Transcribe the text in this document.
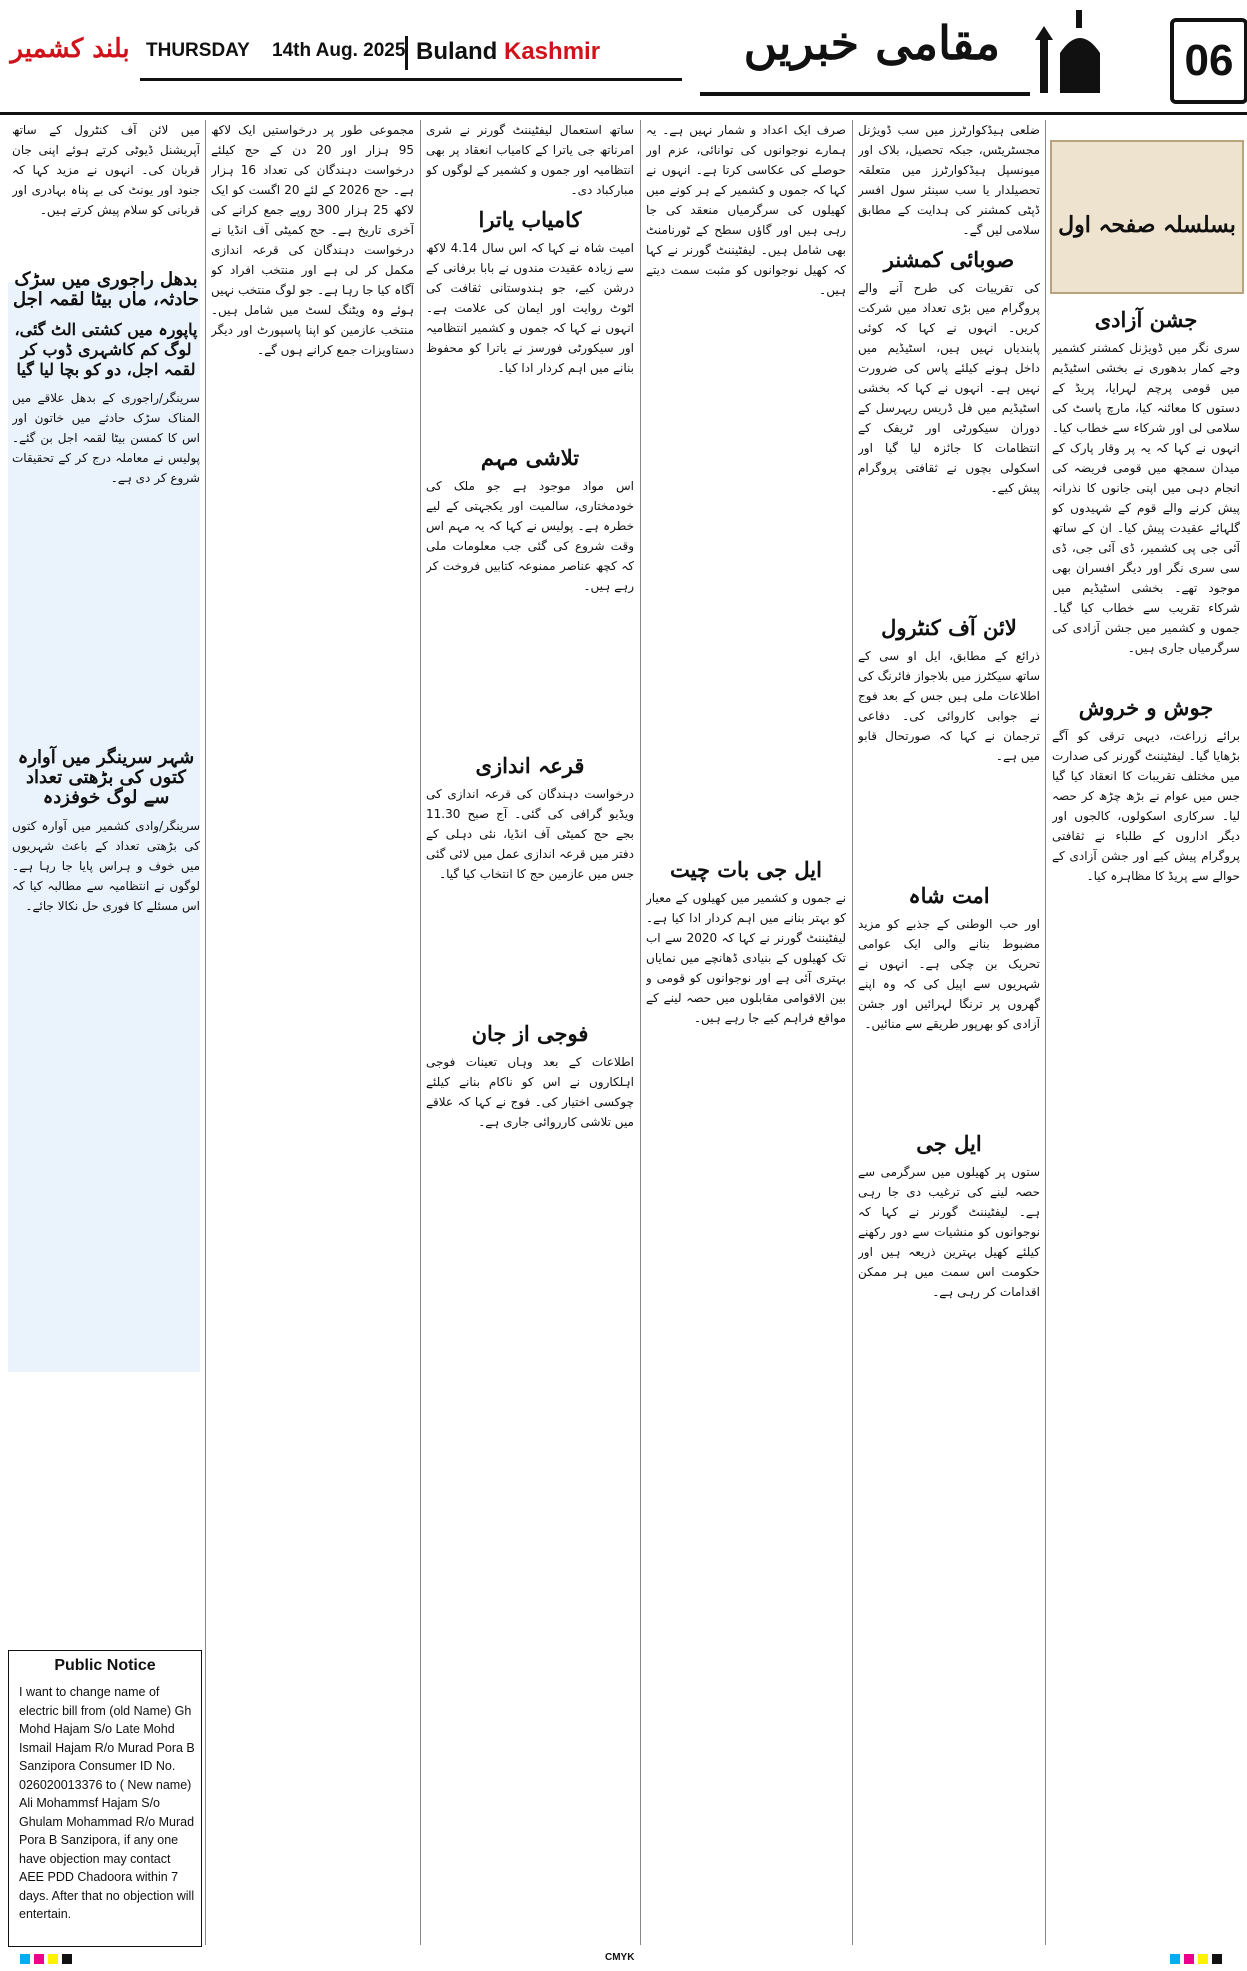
بلند کشمیر THURSDAY 14th Aug. 2025 Buland Kashmir	مقامی خبریں	06
بسلسلہ صفحہ اول
جشن آزادی

سری نگر میں ڈویژنل کمشنر کشمیر وجے کمار بدھوری نے بخشی اسٹیڈیم میں قومی پرچم لہرایا، پریڈ کے دستوں کا معائنہ کیا، مارچ پاسٹ کی سلامی لی اور شرکاء سے خطاب کیا۔ انہوں نے کہا کہ یہ پر وقار پارک کے میدان سمجھ میں قومی فریضہ کی انجام دہی میں اپنی جانوں کا نذرانہ پیش کرنے والے قوم کے شہیدوں کو گلہائے عقیدت پیش کیا۔ ان کے ساتھ آئی جی پی کشمیر، ڈی آئی جی، ڈی سی سری نگر اور دیگر افسران بھی موجود تھے۔ بخشی اسٹیڈیم میں شرکاء تقریب سے خطاب کیا گیا۔ جموں و کشمیر میں جشن آزادی کی سرگرمیاں جاری ہیں۔

جوش و خروش

برائے زراعت، دیہی ترقی کو آگے بڑھایا گیا۔ لیفٹیننٹ گورنر کی صدارت میں مختلف تقریبات کا انعقاد کیا گیا جس میں عوام نے بڑھ چڑھ کر حصہ لیا۔ سرکاری اسکولوں، کالجوں اور دیگر اداروں کے طلباء نے ثقافتی پروگرام پیش کیے اور جشن آزادی کے حوالے سے پریڈ کا مظاہرہ کیا۔

ضلعی ہیڈکوارٹرز میں سب ڈویژنل مجسٹریٹس، جبکہ تحصیل، بلاک اور میونسپل ہیڈکوارٹرز میں متعلقہ تحصیلدار یا سب سینئر سول افسر ڈپٹی کمشنر کی ہدایت کے مطابق سلامی لیں گے۔

صوبائی کمشنر

کی تقریبات کی طرح آنے والے پروگرام میں بڑی تعداد میں شرکت کریں۔ انہوں نے کہا کہ کوئی پابندیاں نہیں ہیں، اسٹیڈیم میں داخل ہونے کیلئے پاس کی ضرورت نہیں ہے۔ انہوں نے کہا کہ بخشی اسٹیڈیم میں فل ڈریس ریہرسل کے دوران سیکورٹی اور ٹریفک کے انتظامات کا جائزہ لیا گیا اور اسکولی بچوں نے ثقافتی پروگرام پیش کیے۔

لائن آف کنٹرول

ذرائع کے مطابق، ایل او سی کے ساتھ سیکٹرز میں بلاجواز فائرنگ کی اطلاعات ملی ہیں جس کے بعد فوج نے جوابی کاروائی کی۔ دفاعی ترجمان نے کہا کہ صورتحال قابو میں ہے۔

امت شاہ

اور حب الوطنی کے جذبے کو مزید مضبوط بنانے والی ایک عوامی تحریک بن چکی ہے۔ انہوں نے شہریوں سے اپیل کی کہ وہ اپنے گھروں پر ترنگا لہرائیں اور جشن آزادی کو بھرپور طریقے سے منائیں۔

ایل جی

ستوں پر کھیلوں میں سرگرمی سے حصہ لینے کی ترغیب دی جا رہی ہے۔ لیفٹیننٹ گورنر نے کہا کہ نوجوانوں کو منشیات سے دور رکھنے کیلئے کھیل بہترین ذریعہ ہیں اور حکومت اس سمت میں ہر ممکن اقدامات کر رہی ہے۔

صرف ایک اعداد و شمار نہیں ہے۔ یہ ہمارے نوجوانوں کی توانائی، عزم اور حوصلے کی عکاسی کرتا ہے۔ انہوں نے کہا کہ جموں و کشمیر کے ہر کونے میں کھیلوں کی سرگرمیاں منعقد کی جا رہی ہیں اور گاؤں سطح کے ٹورنامنٹ بھی شامل ہیں۔ لیفٹیننٹ گورنر نے کہا کہ کھیل نوجوانوں کو مثبت سمت دیتے ہیں۔

ایل جی بات چیت

نے جموں و کشمیر میں کھیلوں کے معیار کو بہتر بنانے میں اہم کردار ادا کیا ہے۔ لیفٹیننٹ گورنر نے کہا کہ 2020 سے اب تک کھیلوں کے بنیادی ڈھانچے میں نمایاں بہتری آئی ہے اور نوجوانوں کو قومی و بین الاقوامی مقابلوں میں حصہ لینے کے مواقع فراہم کیے جا رہے ہیں۔

ساتھ استعمال لیفٹیننٹ گورنر نے شری امرناتھ جی یاترا کے کامیاب انعقاد پر بھی انتظامیہ اور جموں و کشمیر کے لوگوں کو مبارکباد دی۔

کامیاب یاترا

امیت شاہ نے کہا کہ اس سال 4.14 لاکھ سے زیادہ عقیدت مندوں نے بابا برفانی کے درشن کیے، جو ہندوستانی ثقافت کی اٹوٹ روایت اور ایمان کی علامت ہے۔ انہوں نے کہا کہ جموں و کشمیر انتظامیہ اور سیکورٹی فورسز نے یاترا کو محفوظ بنانے میں اہم کردار ادا کیا۔

تلاشی مہم

اس مواد موجود ہے جو ملک کی خودمختاری، سالمیت اور یکجہتی کے لیے خطرہ ہے۔ پولیس نے کہا کہ یہ مہم اس وقت شروع کی گئی جب معلومات ملی کہ کچھ عناصر ممنوعہ کتابیں فروخت کر رہے ہیں۔

قرعہ اندازی

درخواست دہندگان کی قرعہ اندازی کی ویڈیو گرافی کی گئی۔ آج صبح 11.30 بجے حج کمیٹی آف انڈیا، نئی دہلی کے دفتر میں قرعہ اندازی عمل میں لائی گئی جس میں عازمین حج کا انتخاب کیا گیا۔

فوجی از جان

اطلاعات کے بعد وہاں تعینات فوجی اہلکاروں نے اس کو ناکام بنانے کیلئے چوکسی اختیار کی۔ فوج نے کہا کہ علاقے میں تلاشی کارروائی جاری ہے۔

مجموعی طور پر درخواستیں ایک لاکھ 95 ہزار اور 20 دن کے حج کیلئے درخواست دہندگان کی تعداد 16 ہزار ہے۔ حج 2026 کے لئے 20 اگست کو ایک لاکھ 25 ہزار 300 روپے جمع کرانے کی آخری تاریخ ہے۔ حج کمیٹی آف انڈیا نے درخواست دہندگان کی قرعہ اندازی مکمل کر لی ہے اور منتخب افراد کو آگاہ کیا جا رہا ہے۔ جو لوگ منتخب نہیں ہوئے وہ ویٹنگ لسٹ میں شامل ہیں۔ منتخب عازمین کو اپنا پاسپورٹ اور دیگر دستاویزات جمع کرانے ہوں گے۔

میں لائن آف کنٹرول کے ساتھ آپریشنل ڈیوٹی کرتے ہوئے اپنی جان قربان کی۔ انہوں نے مزید کہا کہ جنود اور یونٹ کی بے پناہ بہادری اور قربانی کو سلام پیش کرتے ہیں۔

بدھل راجوری میں سڑک حادثہ، ماں بیٹا لقمہ اجل
پاپورہ میں کشتی الٹ گئی، لوگ کم کاشہری ڈوب کر لقمہ اجل، دو کو بچا لیا گیا

سرینگر/راجوری کے بدھل علاقے میں المناک سڑک حادثے میں خاتون اور اس کا کمسن بیٹا لقمہ اجل بن گئے۔ پولیس نے معاملہ درج کر کے تحقیقات شروع کر دی ہے۔

شہر سرینگر میں آوارہ کتوں کی بڑھتی تعداد سے لوگ خوفزدہ

سرینگر/وادی کشمیر میں آوارہ کتوں کی بڑھتی تعداد کے باعث شہریوں میں خوف و ہراس پایا جا رہا ہے۔ لوگوں نے انتظامیہ سے مطالبہ کیا کہ اس مسئلے کا فوری حل نکالا جائے۔

Public Notice
I want to change name of electric bill from (old Name) Gh Mohd Hajam S/o Late Mohd Ismail Hajam R/o Murad Pora B Sanzipora Consumer ID No. 026020013376 to ( New name) Ali Mohammsf Hajam S/o Ghulam Mohammad R/o Murad Pora B Sanzipora, if any one have objection may contact AEE PDD Chadoora within 7 days. After that no objection will entertain.
CMYK
